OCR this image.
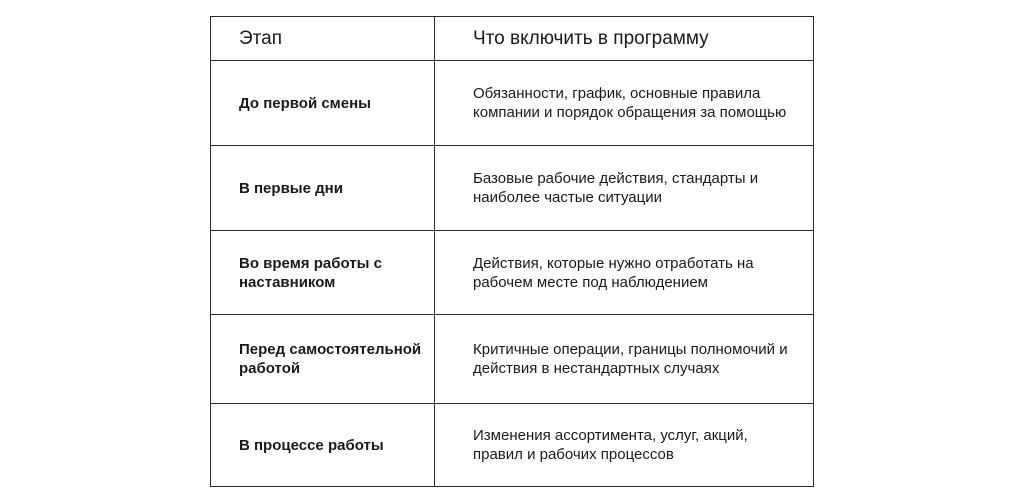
Этап	Что включить в программу
До первой смены	Обязанности, график, основные правила компании и порядок обращения за помощью
В первые дни	Базовые рабочие действия, стандарты и наиболее частые ситуации
Во время работы с наставником	Действия, которые нужно отработать на рабочем месте под наблюдением
Перед самостоятельной работой	Критичные операции, границы полномочий и действия в нестандартных случаях
В процессе работы	Изменения ассортимента, услуг, акций, правил и рабочих процессов
